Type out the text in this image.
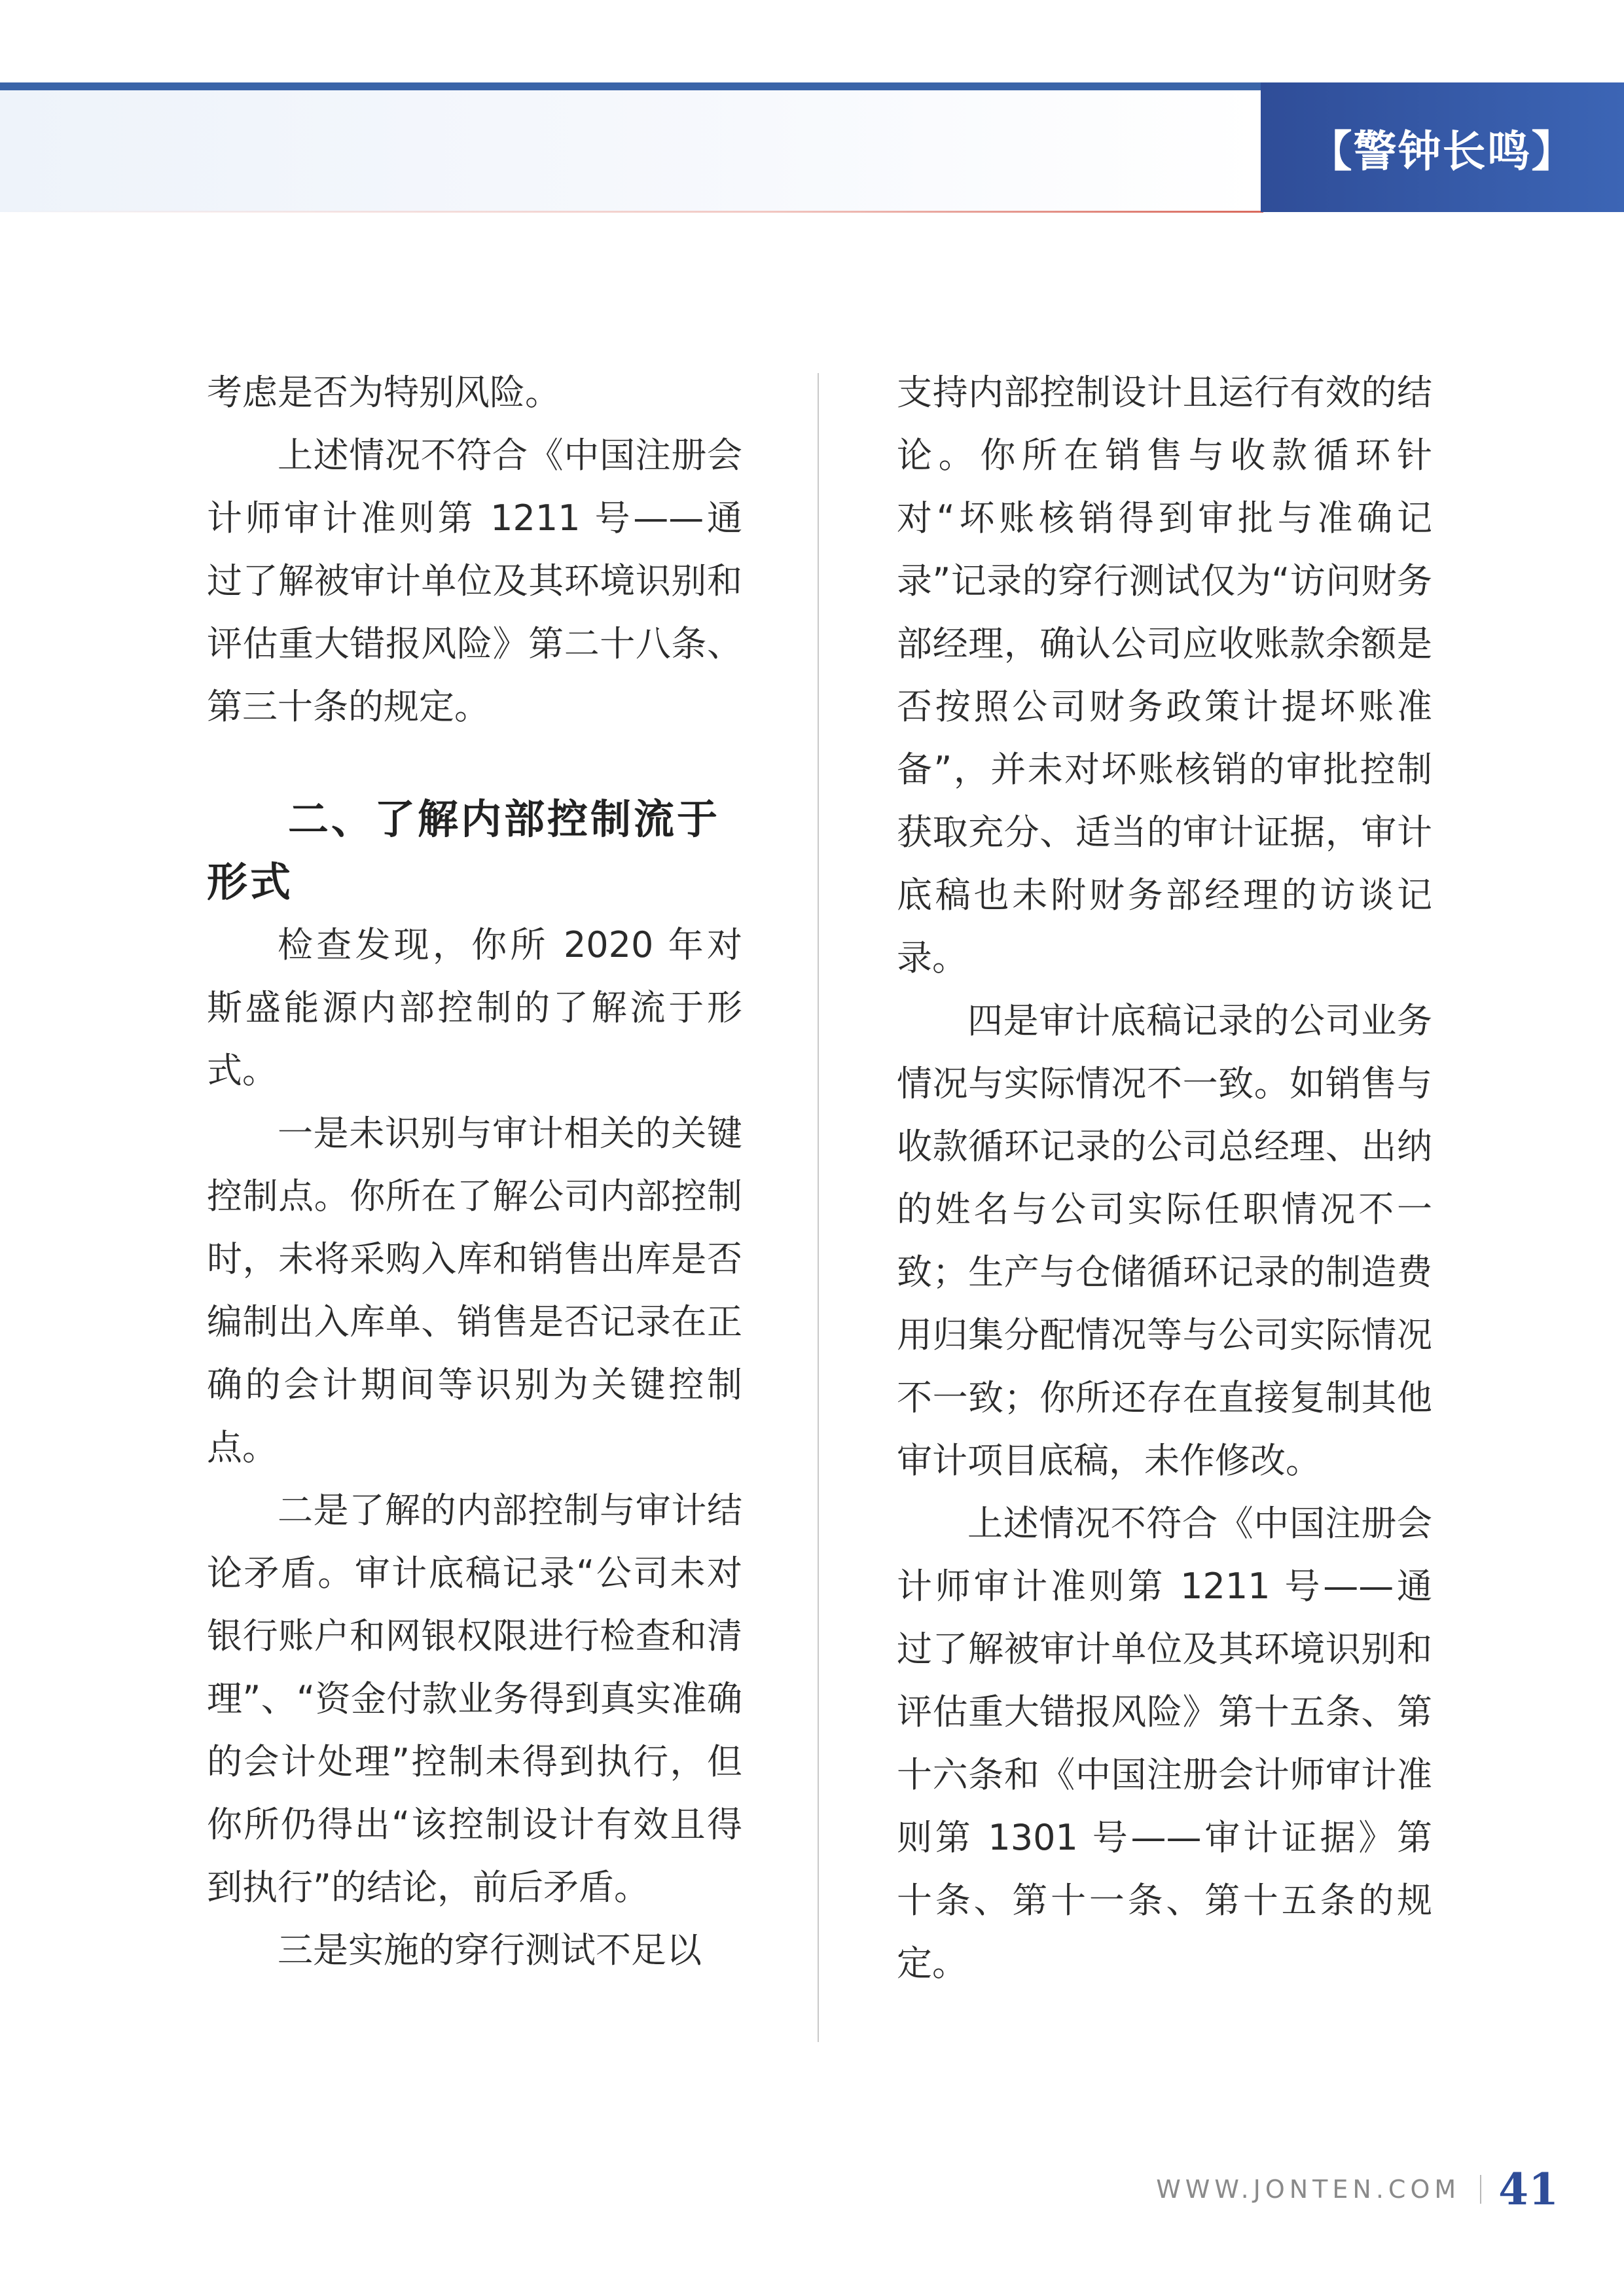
【警钟长鸣】

考虑是否为特别风险。

上述情况不符合《中国注册会计师审计准则第 1211 号——通过了解被审计单位及其环境识别和评估重大错报风险》第二十八条、第三十条的规定。

二、了解内部控制流于形式

检查发现，你所 2020 年对斯盛能源内部控制的了解流于形式。

一是未识别与审计相关的关键控制点。你所在了解公司内部控制时，未将采购入库和销售出库是否编制出入库单、销售是否记录在正确的会计期间等识别为关键控制点。

二是了解的内部控制与审计结论矛盾。审计底稿记录“公司未对银行账户和网银权限进行检查和清理”、“资金付款业务得到真实准确的会计处理”控制未得到执行，但你所仍得出“该控制设计有效且得到执行”的结论，前后矛盾。

三是实施的穿行测试不足以

支持内部控制设计且运行有效的结论。你所在销售与收款循环针对“坏账核销得到审批与准确记录”记录的穿行测试仅为“访问财务部经理，确认公司应收账款余额是否按照公司财务政策计提坏账准备”，并未对坏账核销的审批控制获取充分、适当的审计证据，审计底稿也未附财务部经理的访谈记录。

四是审计底稿记录的公司业务情况与实际情况不一致。如销售与收款循环记录的公司总经理、出纳的姓名与公司实际任职情况不一致；生产与仓储循环记录的制造费用归集分配情况等与公司实际情况不一致；你所还存在直接复制其他审计项目底稿，未作修改。

上述情况不符合《中国注册会计师审计准则第 1211 号——通过了解被审计单位及其环境识别和评估重大错报风险》第十五条、第十六条和《中国注册会计师审计准则第 1301 号——审计证据》第十条、第十一条、第十五条的规定。

WWW.JONTEN.COM 41
